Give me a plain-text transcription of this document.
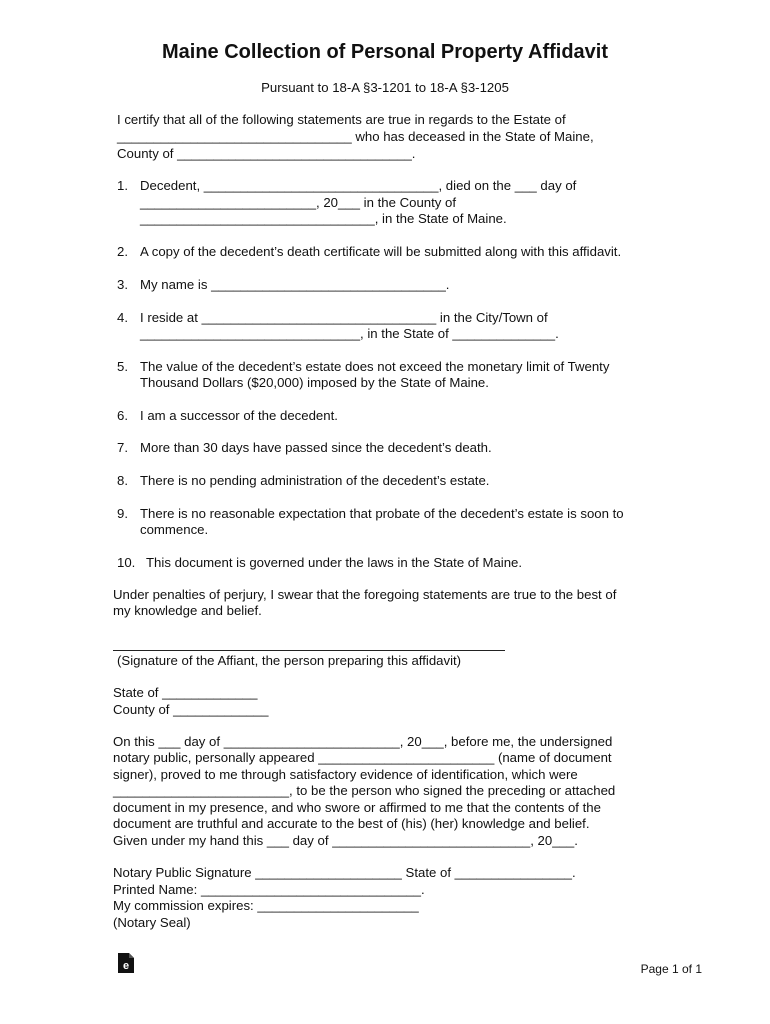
Maine Collection of Personal Property Affidavit
Pursuant to 18-A §3-1201 to 18-A §3-1205
I certify that all of the following statements are true in regards to the Estate of
________________________________ who has deceased in the State of Maine,
County of ________________________________.
1. Decedent, ________________________________, died on the ___ day of
________________________, 20___ in the County of
________________________________, in the State of Maine.
2. A copy of the decedent’s death certificate will be submitted along with this affidavit.
3. My name is ________________________________.
4. I reside at ________________________________ in the City/Town of
______________________________, in the State of ______________.
5. The value of the decedent’s estate does not exceed the monetary limit of Twenty
Thousand Dollars ($20,000) imposed by the State of Maine.
6. I am a successor of the decedent.
7. More than 30 days have passed since the decedent’s death.
8. There is no pending administration of the decedent’s estate.
9. There is no reasonable expectation that probate of the decedent’s estate is soon to
commence.
10. This document is governed under the laws in the State of Maine.
Under penalties of perjury, I swear that the foregoing statements are true to the best of
my knowledge and belief.
(Signature of the Affiant, the person preparing this affidavit)
State of _____________
County of _____________
On this ___ day of ________________________, 20___, before me, the undersigned
notary public, personally appeared ________________________ (name of document
signer), proved to me through satisfactory evidence of identification, which were
________________________, to be the person who signed the preceding or attached
document in my presence, and who swore or affirmed to me that the contents of the
document are truthful and accurate to the best of (his) (her) knowledge and belief.
Given under my hand this ___ day of ___________________________, 20___.
Notary Public Signature ____________________ State of ________________.
Printed Name: ______________________________.
My commission expires: ______________________
(Notary Seal)
e	Page 1 of 1
